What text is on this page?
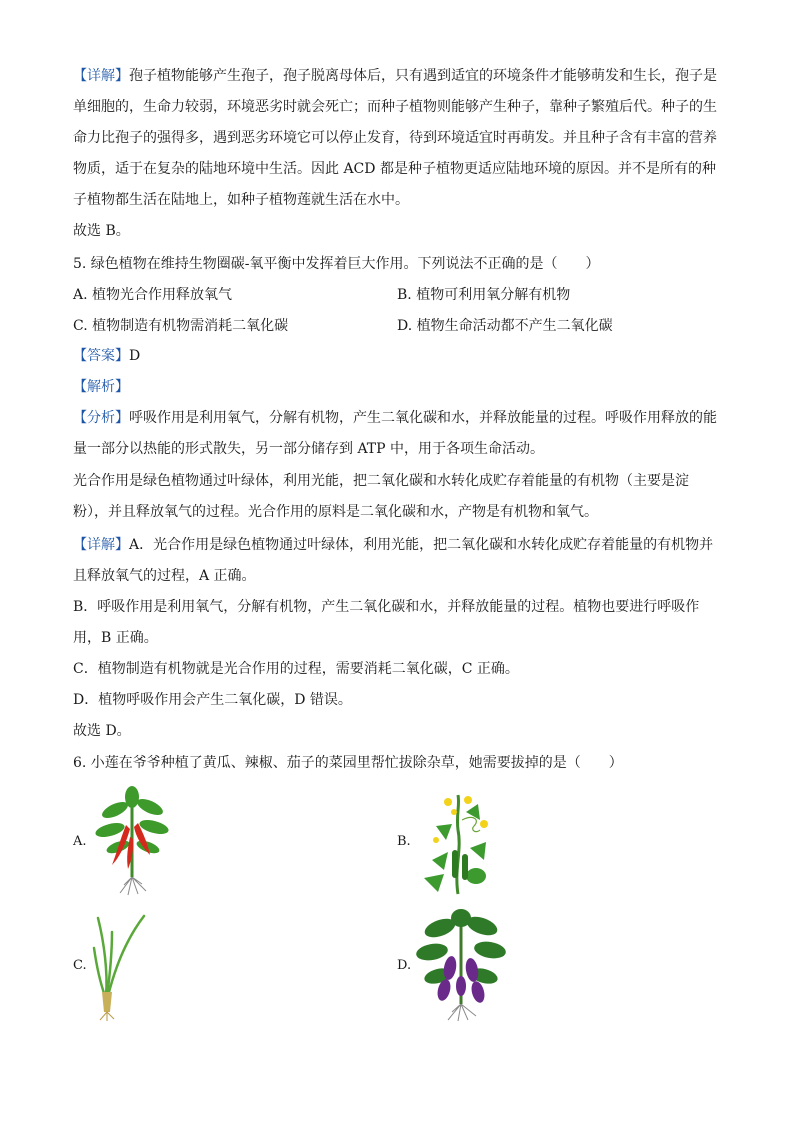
【详解】孢子植物能够产生孢子，孢子脱离母体后，只有遇到适宜的环境条件才能够萌发和生长，孢子是
单细胞的，生命力较弱，环境恶劣时就会死亡；而种子植物则能够产生种子，靠种子繁殖后代。种子的生
命力比孢子的强得多，遇到恶劣环境它可以停止发育，待到环境适宜时再萌发。并且种子含有丰富的营养
物质，适于在复杂的陆地环境中生活。因此 ACD 都是种子植物更适应陆地环境的原因。并不是所有的种
子植物都生活在陆地上，如种子植物莲就生活在水中。
故选 B。
5. 绿色植物在维持生物圈碳-氧平衡中发挥着巨大作用。下列说法不正确的是（　　）
A. 植物光合作用释放氧气	B. 植物可利用氧分解有机物
C. 植物制造有机物需消耗二氧化碳	D. 植物生命活动都不产生二氧化碳
【答案】D
【解析】
【分析】呼吸作用是利用氧气，分解有机物，产生二氧化碳和水，并释放能量的过程。呼吸作用释放的能
量一部分以热能的形式散失，另一部分储存到 ATP 中，用于各项生命活动。
光合作用是绿色植物通过叶绿体，利用光能，把二氧化碳和水转化成贮存着能量的有机物（主要是淀
粉），并且释放氧气的过程。光合作用的原料是二氧化碳和水，产物是有机物和氧气。
【详解】A．光合作用是绿色植物通过叶绿体，利用光能，把二氧化碳和水转化成贮存着能量的有机物并
且释放氧气的过程，A 正确。
B．呼吸作用是利用氧气，分解有机物，产生二氧化碳和水，并释放能量的过程。植物也要进行呼吸作
用，B 正确。
C．植物制造有机物就是光合作用的过程，需要消耗二氧化碳，C 正确。
D．植物呼吸作用会产生二氧化碳，D 错误。
故选 D。
6. 小莲在爷爷种植了黄瓜、辣椒、茄子的菜园里帮忙拔除杂草，她需要拔掉的是（　　）
A.	B.
C.	D.
